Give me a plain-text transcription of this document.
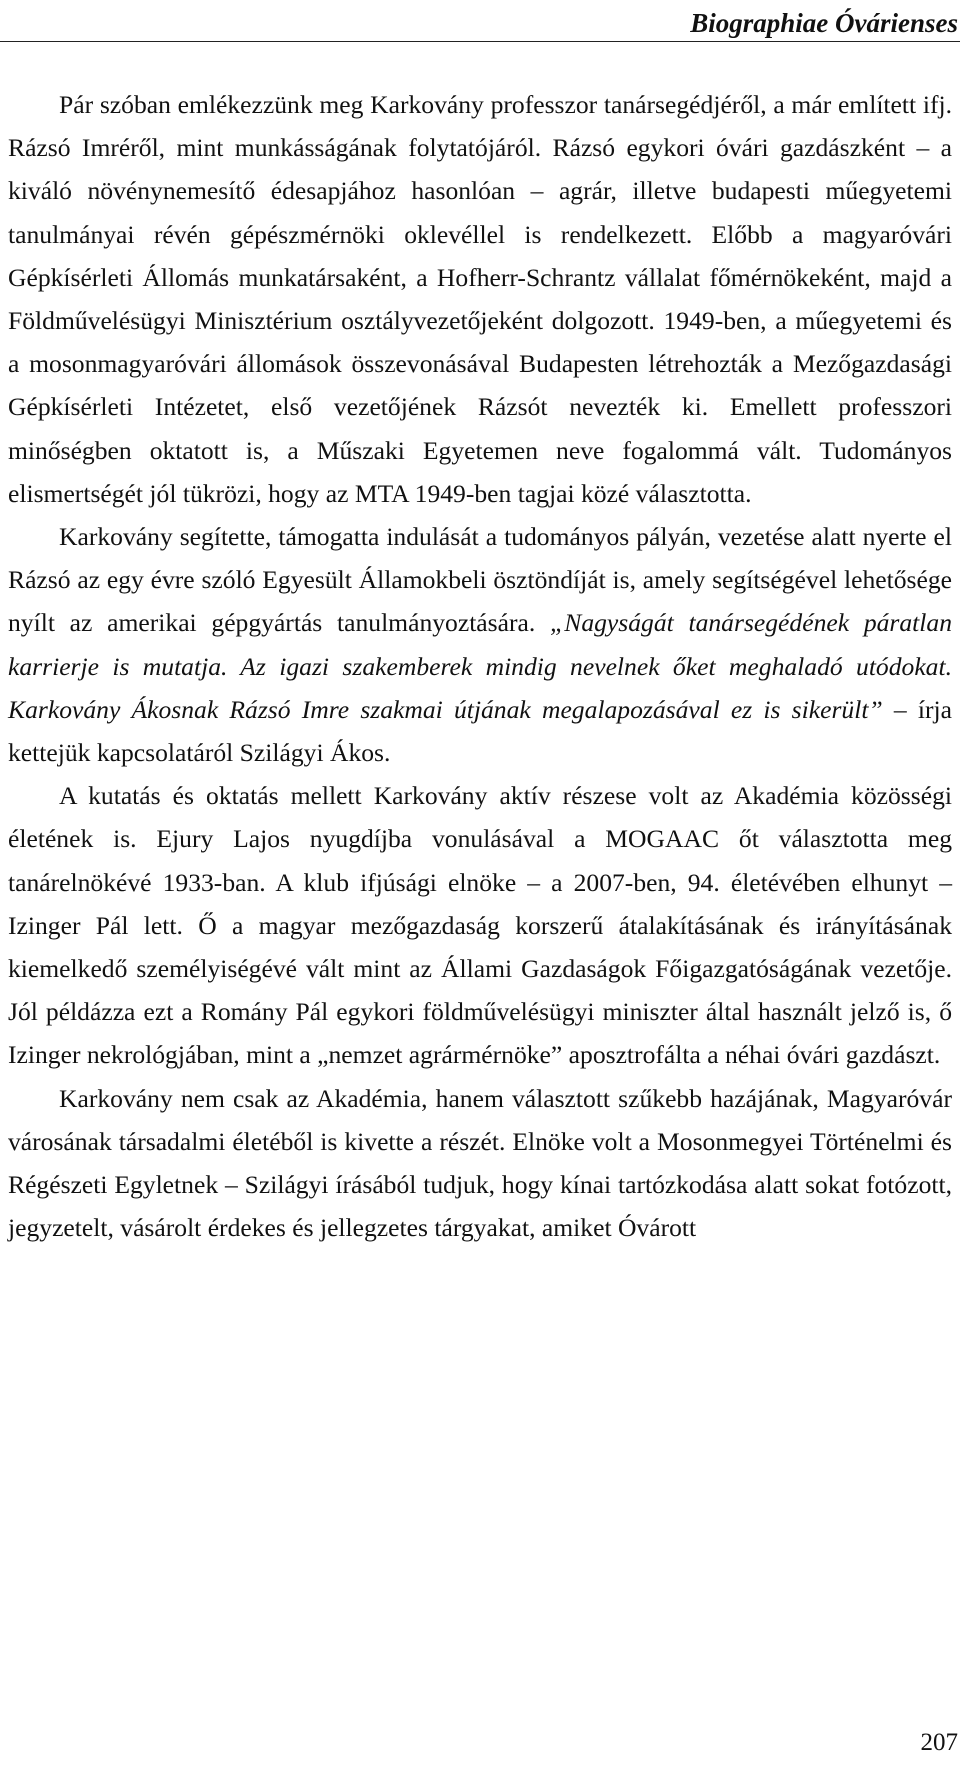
Biographiae Óvárienses

Pár szóban emlékezzünk meg Karkovány professzor tanársegédjéről, a már említett ifj. Rázsó Imréről, mint munkásságának folytatójáról. Rázsó egykori óvári gazdászként – a kiváló növénynemesítő édesapjához hasonlóan – agrár, illetve budapesti műegyetemi tanulmányai révén gépészmérnöki oklevéllel is rendelkezett. Előbb a magyaróvári Gépkísérleti Állomás munkatársaként, a Hofherr-Schrantz vállalat főmérnökeként, majd a Földművelésügyi Minisztérium osztályvezetőjeként dolgozott. 1949-ben, a műegyetemi és a mosonmagyaróvári állomások összevonásával Budapesten létrehozták a Mezőgazdasági Gépkísérleti Intézetet, első vezetőjének Rázsót nevezték ki. Emellett professzori minőségben oktatott is, a Műszaki Egyetemen neve fogalommá vált. Tudományos elismertségét jól tükrözi, hogy az MTA 1949-ben tagjai közé választotta.

Karkovány segítette, támogatta indulását a tudományos pályán, vezetése alatt nyerte el Rázsó az egy évre szóló Egyesült Államokbeli ösztöndíját is, amely segítségével lehetősége nyílt az amerikai gépgyártás tanulmányoztására. „Nagyságát tanársegédének páratlan karrierje is mutatja. Az igazi szakemberek mindig nevelnek őket meghaladó utódokat. Karkovány Ákosnak Rázsó Imre szakmai útjának megalapozásával ez is sikerült” – írja kettejük kapcsolatáról Szilágyi Ákos.

A kutatás és oktatás mellett Karkovány aktív részese volt az Akadémia közösségi életének is. Ejury Lajos nyugdíjba vonulásával a MOGAAC őt választotta meg tanárelnökévé 1933-ban. A klub ifjúsági elnöke – a 2007-ben, 94. életévében elhunyt – Izinger Pál lett. Ő a magyar mezőgazdaság korszerű átalakításának és irányításának kiemelkedő személyiségévé vált mint az Állami Gazdaságok Főigazgatóságának vezetője. Jól példázza ezt a Romány Pál egykori földművelésügyi miniszter által használt jelző is, ő Izinger nekrológjában, mint a „nemzet agrármérnöke” aposztrofálta a néhai óvári gazdászt.

Karkovány nem csak az Akadémia, hanem választott szűkebb hazájának, Magyaróvár városának társadalmi életéből is kivette a részét. Elnöke volt a Mosonmegyei Történelmi és Régészeti Egyletnek – Szilágyi írásából tudjuk, hogy kínai tartózkodása alatt sokat fotózott, jegyzetelt, vásárolt érdekes és jellegzetes tárgyakat, amiket Óvárott

207
